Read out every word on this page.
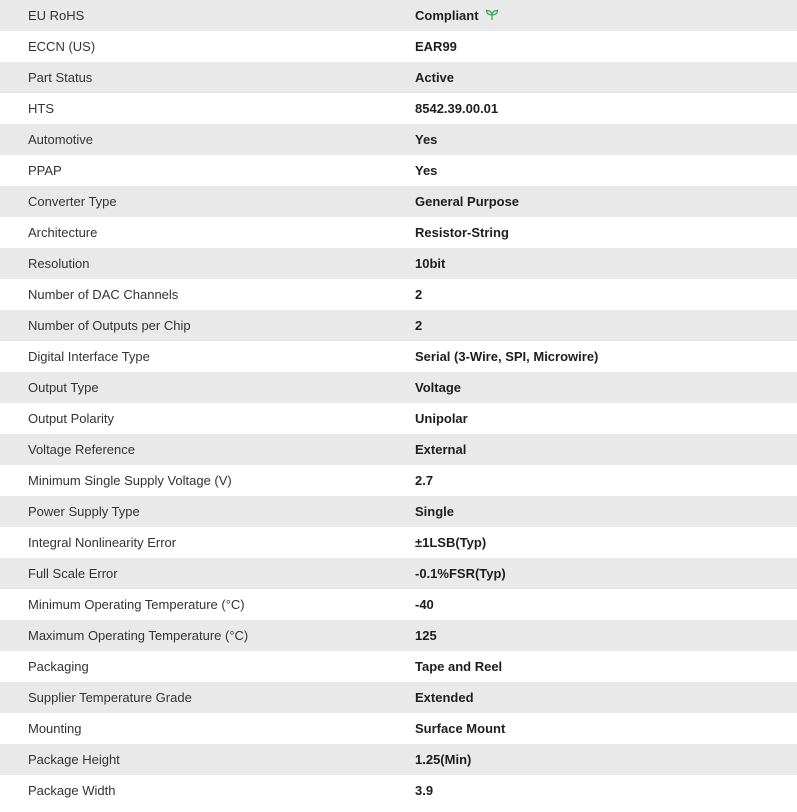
EU RoHS	Compliant
ECCN (US)	EAR99
Part Status	Active
HTS	8542.39.00.01
Automotive	Yes
PPAP	Yes
Converter Type	General Purpose
Architecture	Resistor-String
Resolution	10bit
Number of DAC Channels	2
Number of Outputs per Chip	2
Digital Interface Type	Serial (3-Wire, SPI, Microwire)
Output Type	Voltage
Output Polarity	Unipolar
Voltage Reference	External
Minimum Single Supply Voltage (V)	2.7
Power Supply Type	Single
Integral Nonlinearity Error	±1LSB(Typ)
Full Scale Error	-0.1%FSR(Typ)
Minimum Operating Temperature (°C)	-40
Maximum Operating Temperature (°C)	125
Packaging	Tape and Reel
Supplier Temperature Grade	Extended
Mounting	Surface Mount
Package Height	1.25(Min)
Package Width	3.9
